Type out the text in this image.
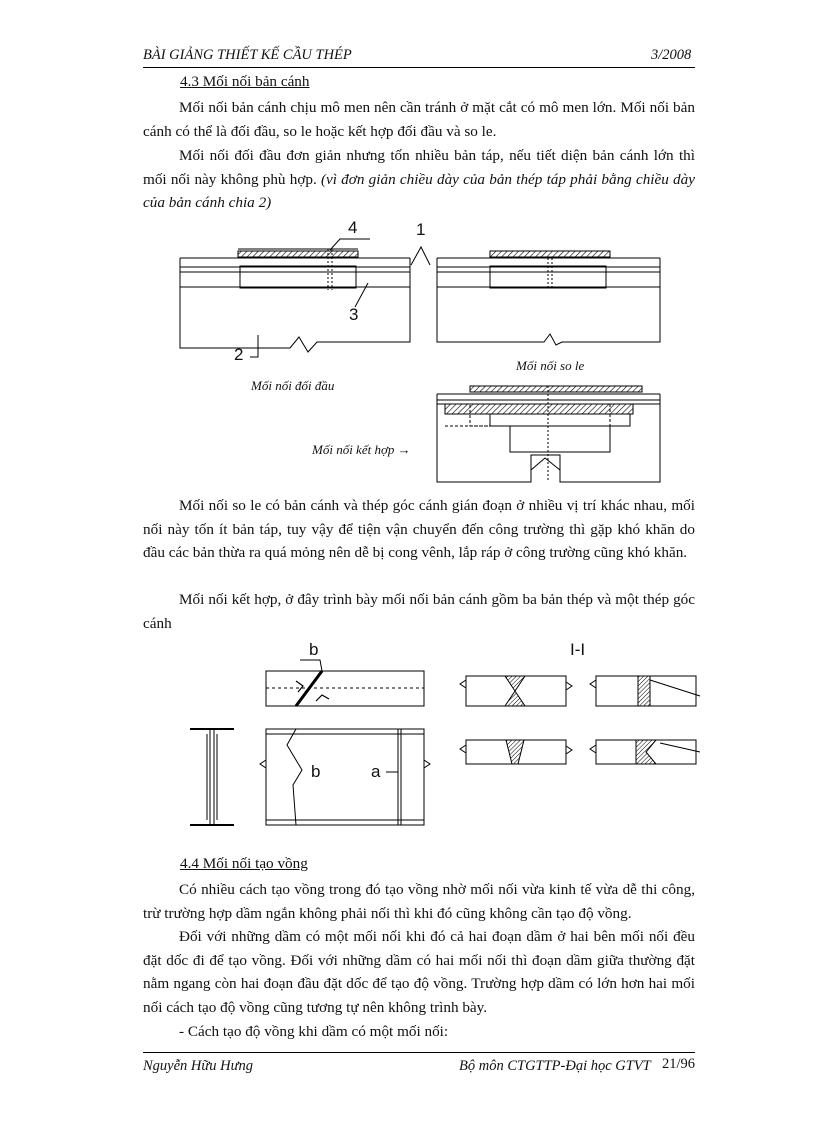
BÀI GIẢNG THIẾT KẾ CẦU THÉP	3/2008
4.3 Mối nối bản cánh

Mối nối bản cánh chịu mô men nên cần tránh ở mặt cắt có mô men lớn. Mối nối bản cánh có thể là đối đầu, so le hoặc kết hợp đối đầu và so le.

Mối nối đối đầu đơn giản nhưng tốn nhiều bản táp, nếu tiết diện bản cánh lớn thì mối nối này không phù hợp. (vì đơn giản chiều dày của bản thép táp phải bằng chiều dày của bản cánh chia 2)

4	1
3
2
Mối nối so le
Mối nối đối đầu
Mối nối kết hợp →

Mối nối so le có bản cánh và thép góc cánh gián đoạn ở nhiều vị trí khác nhau, mối nối này tốn ít bản táp, tuy vậy để tiện vận chuyển đến công trường thì gặp khó khăn do đầu các bản thừa ra quá mỏng nên dễ bị cong vênh, lắp ráp ở công trường cũng khó khăn.

Mối nối kết hợp, ở đây trình bày mối nối bản cánh gồm ba bản thép và một thép góc cánh

b
b	a
I-I
4.4 Mối nối tạo vồng

Có nhiều cách tạo vồng trong đó tạo vồng nhờ mối nối vừa kinh tế vừa dễ thi công, trừ trường hợp dầm ngắn không phải nối thì khi đó cũng không cần tạo độ vồng.

Đối với những dầm có một mối nối khi đó cả hai đoạn dầm ở hai bên mối nối đều đặt dốc đi để tạo vồng. Đối với những dầm có hai mối nối thì đoạn dầm giữa thường đặt nằm ngang còn hai đoạn đầu đặt dốc để tạo độ vồng. Trường hợp dầm có lớn hơn hai mối nối cách tạo độ vồng cũng tương tự nên không trình bày.

- Cách tạo độ vồng khi dầm có một mối nối:

Nguyễn Hữu Hưng	Bộ môn CTGTTP-Đại học GTVT 21/96
